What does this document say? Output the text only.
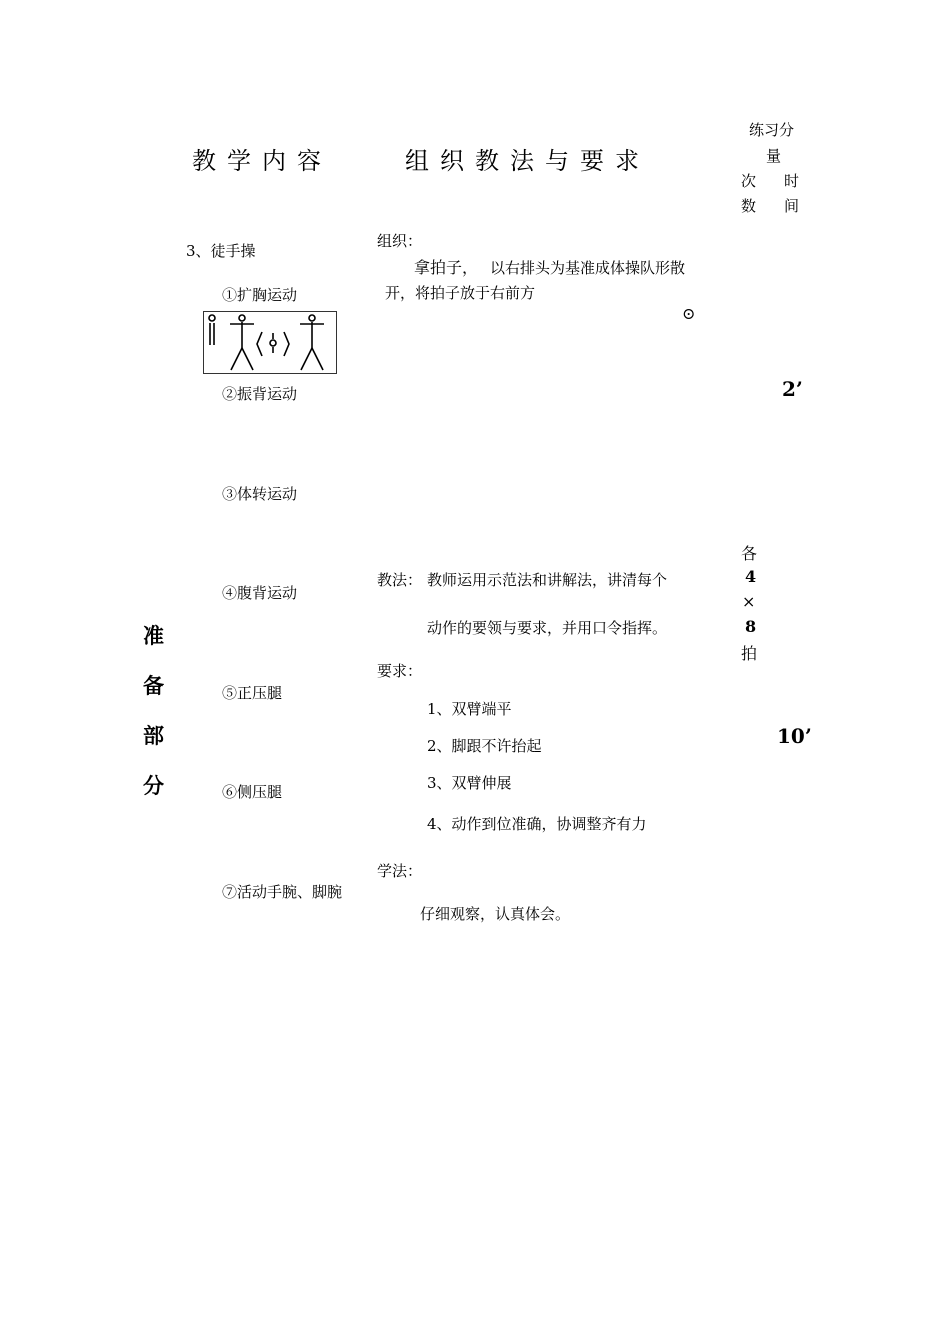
教学内容	组织教法与要求
练习分
量
次 时
数 间
准
备
部
分
3、徒手操
①扩胸运动
②振背运动
③体转运动
④腹背运动
⑤正压腿
⑥侧压腿
⑦活动手腕、脚腕
组织：
拿拍子， 以右排头为基准成体操队形散
开，将拍子放于右前方
⊙
教法： 教师运用示范法和讲解法，讲清每个
动作的要领与要求，并用口令指挥。
要求：
1、双臂端平
2、脚跟不许抬起
3、双臂伸展
4、动作到位准确，协调整齐有力
学法：
仔细观察，认真体会。
2’
各
4
×
8
拍
10’
